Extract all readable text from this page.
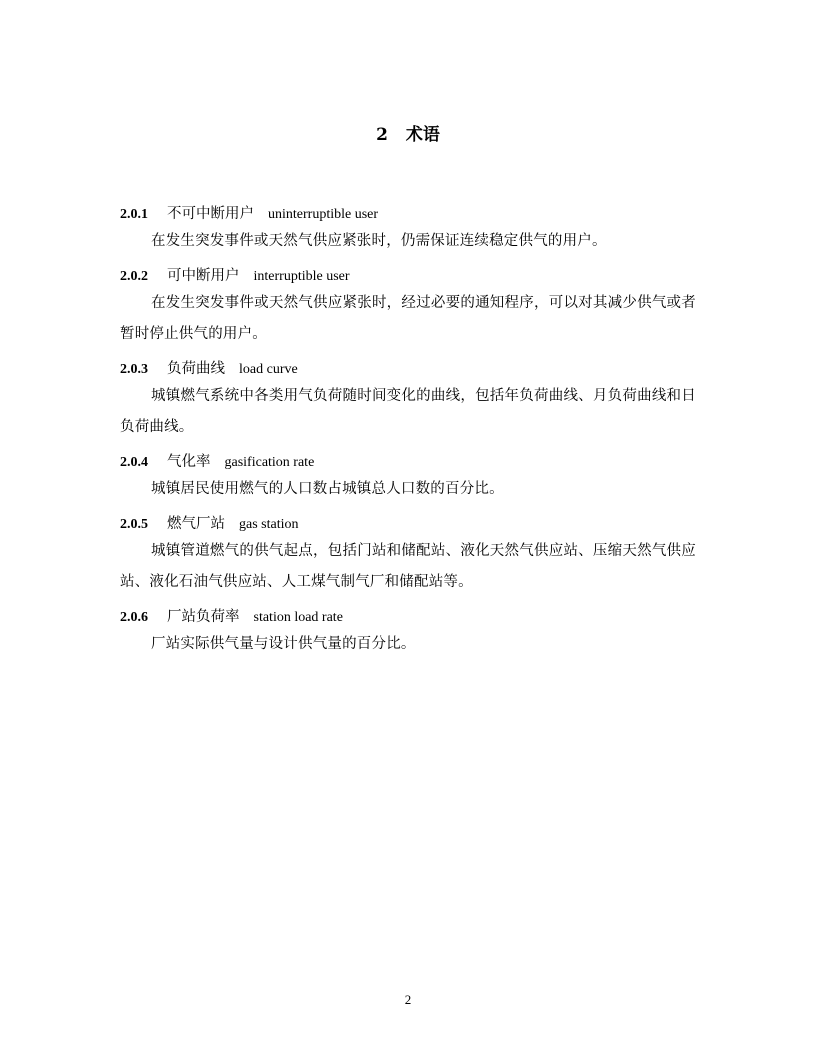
2 术语

2.0.1 不可中断用户 uninterruptible user

在发生突发事件或天然气供应紧张时，仍需保证连续稳定供气的用户。

2.0.2 可中断用户 interruptible user

在发生突发事件或天然气供应紧张时，经过必要的通知程序，可以对其减少供气或者暂时停止供气的用户。

2.0.3 负荷曲线 load curve

城镇燃气系统中各类用气负荷随时间变化的曲线，包括年负荷曲线、月负荷曲线和日负荷曲线。

2.0.4 气化率 gasification rate

城镇居民使用燃气的人口数占城镇总人口数的百分比。

2.0.5 燃气厂站 gas station

城镇管道燃气的供气起点，包括门站和储配站、液化天然气供应站、压缩天然气供应站、液化石油气供应站、人工煤气制气厂和储配站等。

2.0.6 厂站负荷率 station load rate

厂站实际供气量与设计供气量的百分比。

2
